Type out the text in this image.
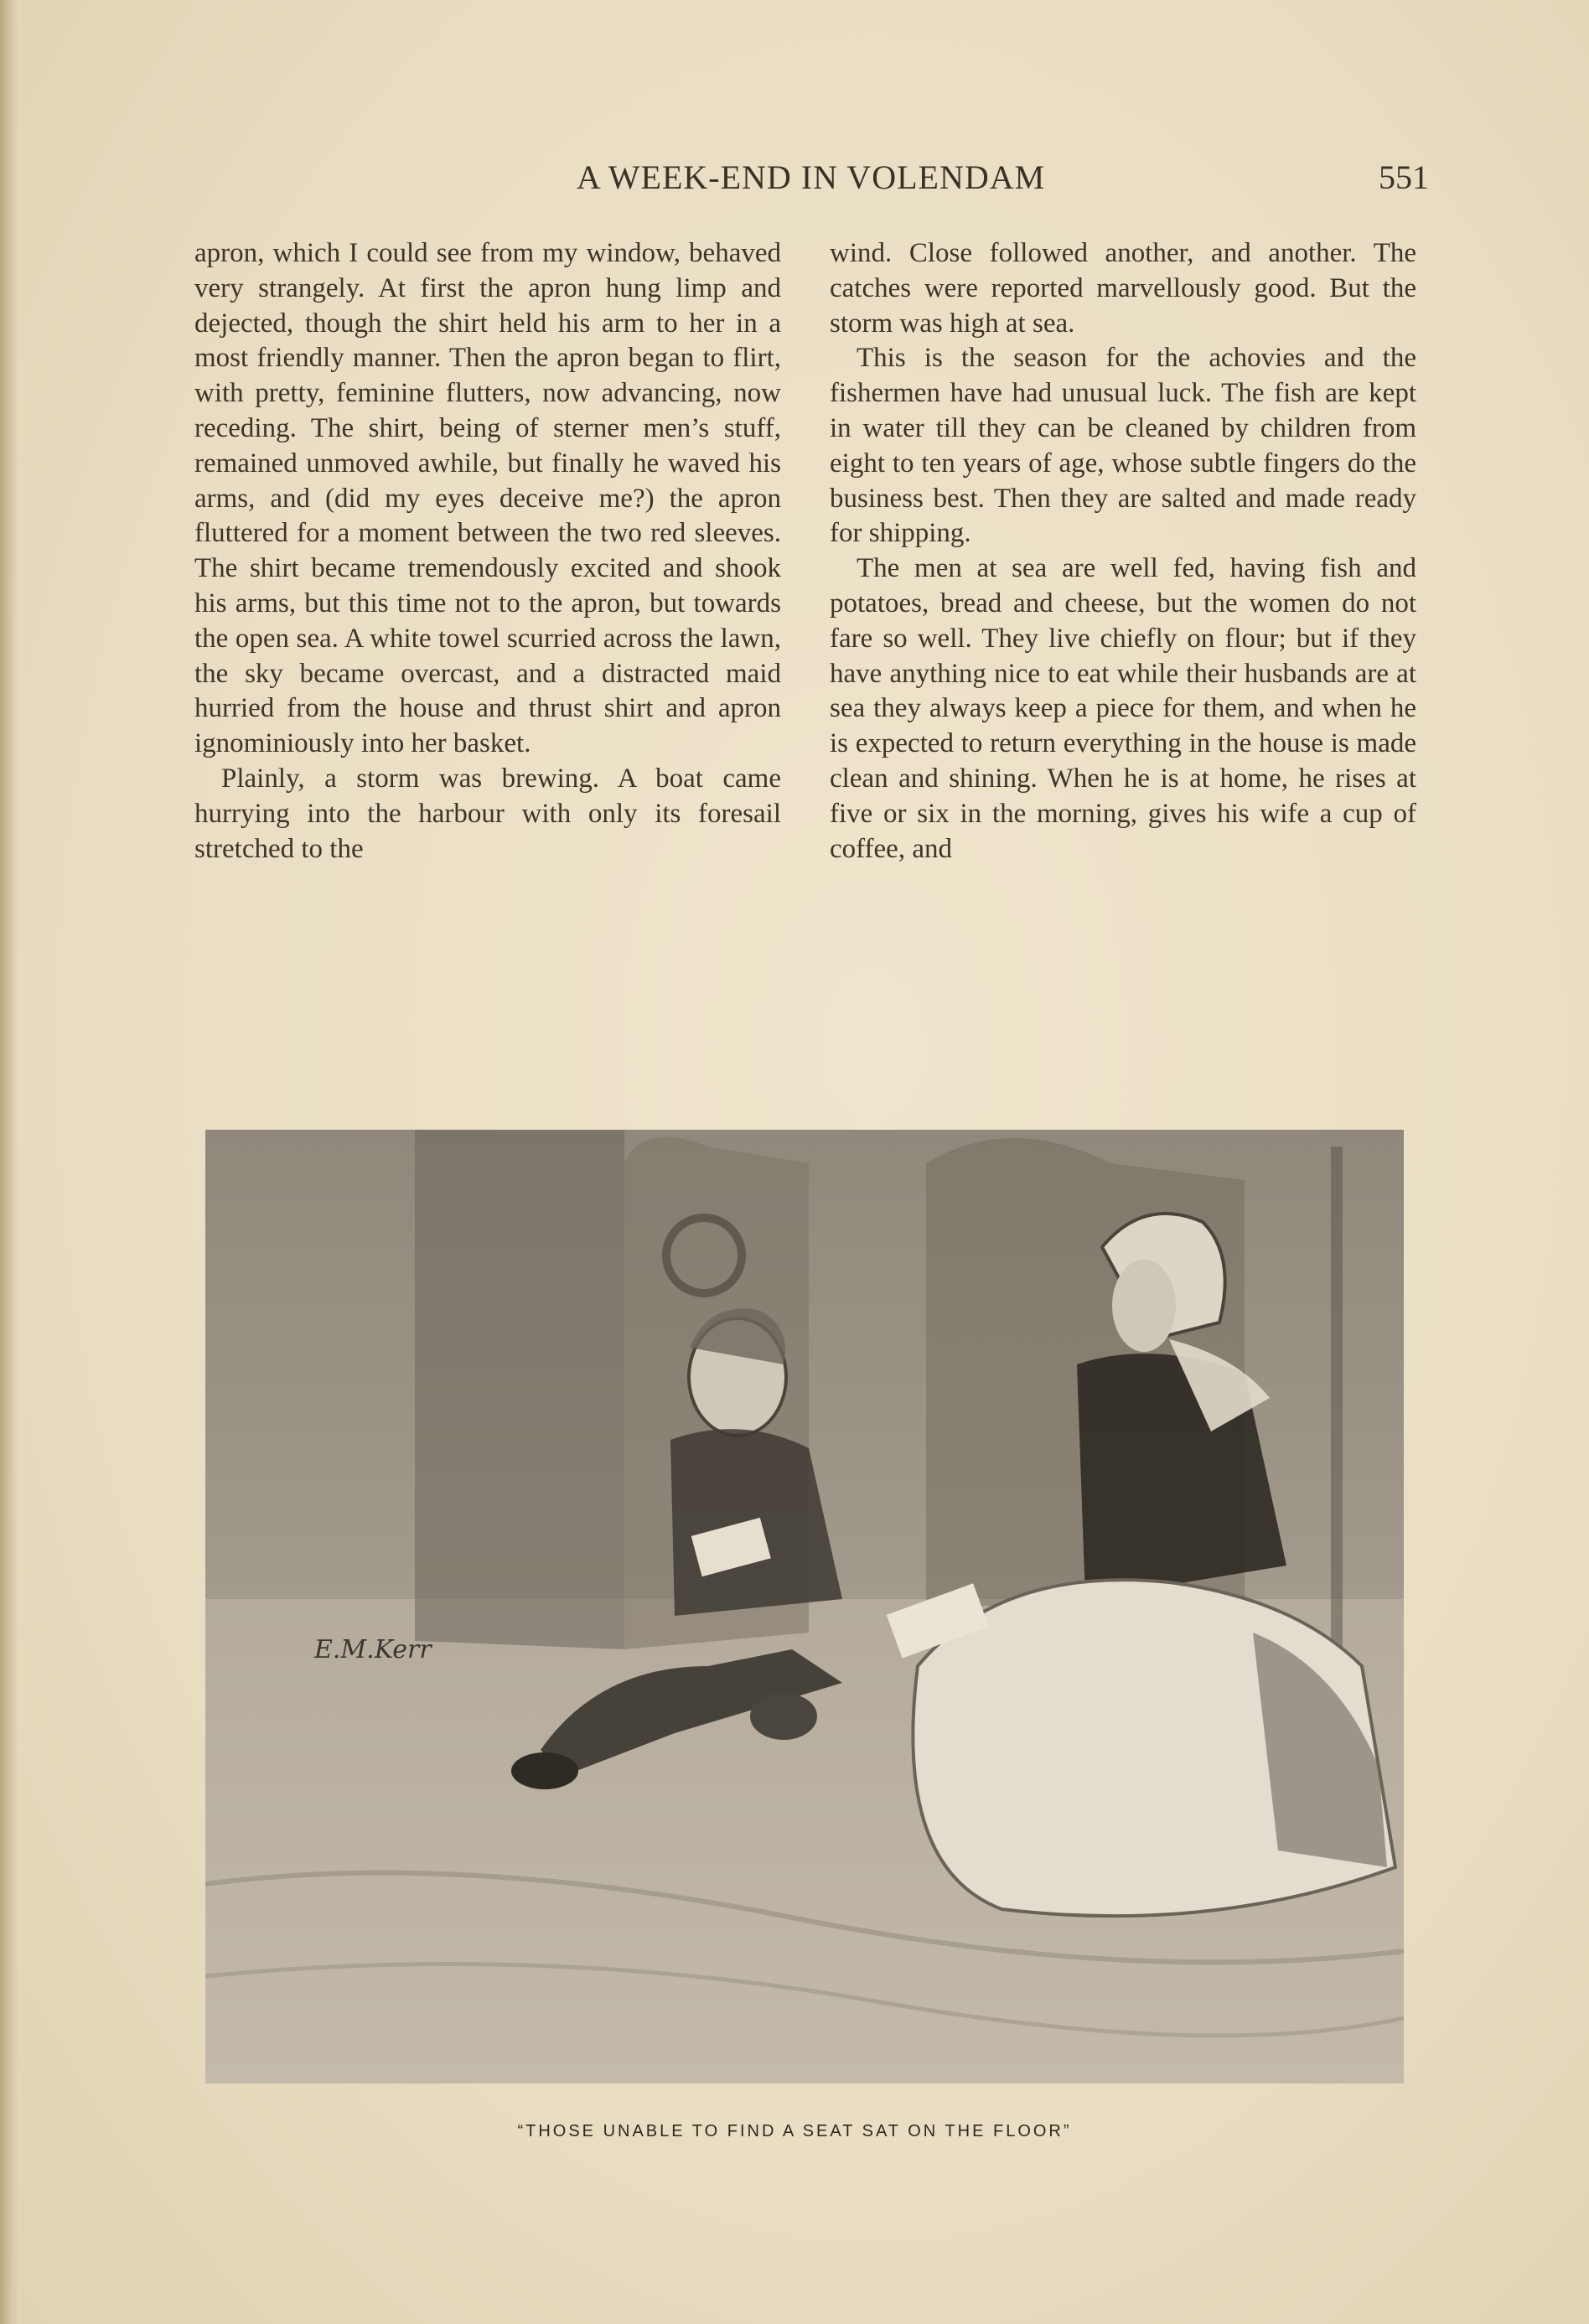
A WEEK-END IN VOLENDAM	551

apron, which I could see from my window, behaved very strangely. At first the apron hung limp and dejected, though the shirt held his arm to her in a most friendly manner. Then the apron began to flirt, with pretty, feminine flutters, now advancing, now receding. The shirt, being of sterner men’s stuff, remained unmoved awhile, but finally he waved his arms, and (did my eyes deceive me?) the apron fluttered for a moment between the two red sleeves. The shirt became tremendously excited and shook his arms, but this time not to the apron, but towards the open sea. A white towel scurried across the lawn, the sky became overcast, and a distracted maid hurried from the house and thrust shirt and apron ignominiously into her basket.

Plainly, a storm was brewing. A boat came hurrying into the harbour with only its foresail stretched to the

wind. Close followed another, and another. The catches were reported marvellously good. But the storm was high at sea.

This is the season for the achovies and the fishermen have had unusual luck. The fish are kept in water till they can be cleaned by children from eight to ten years of age, whose subtle fingers do the business best. Then they are salted and made ready for shipping.

The men at sea are well fed, having fish and potatoes, bread and cheese, but the women do not fare so well. They live chiefly on flour; but if they have anything nice to eat while their husbands are at sea they always keep a piece for them, and when he is expected to return everything in the house is made clean and shining. When he is at home, he rises at five or six in the morning, gives his wife a cup of coffee, and

E.M.Kerr
“THOSE UNABLE TO FIND A SEAT SAT ON THE FLOOR”
